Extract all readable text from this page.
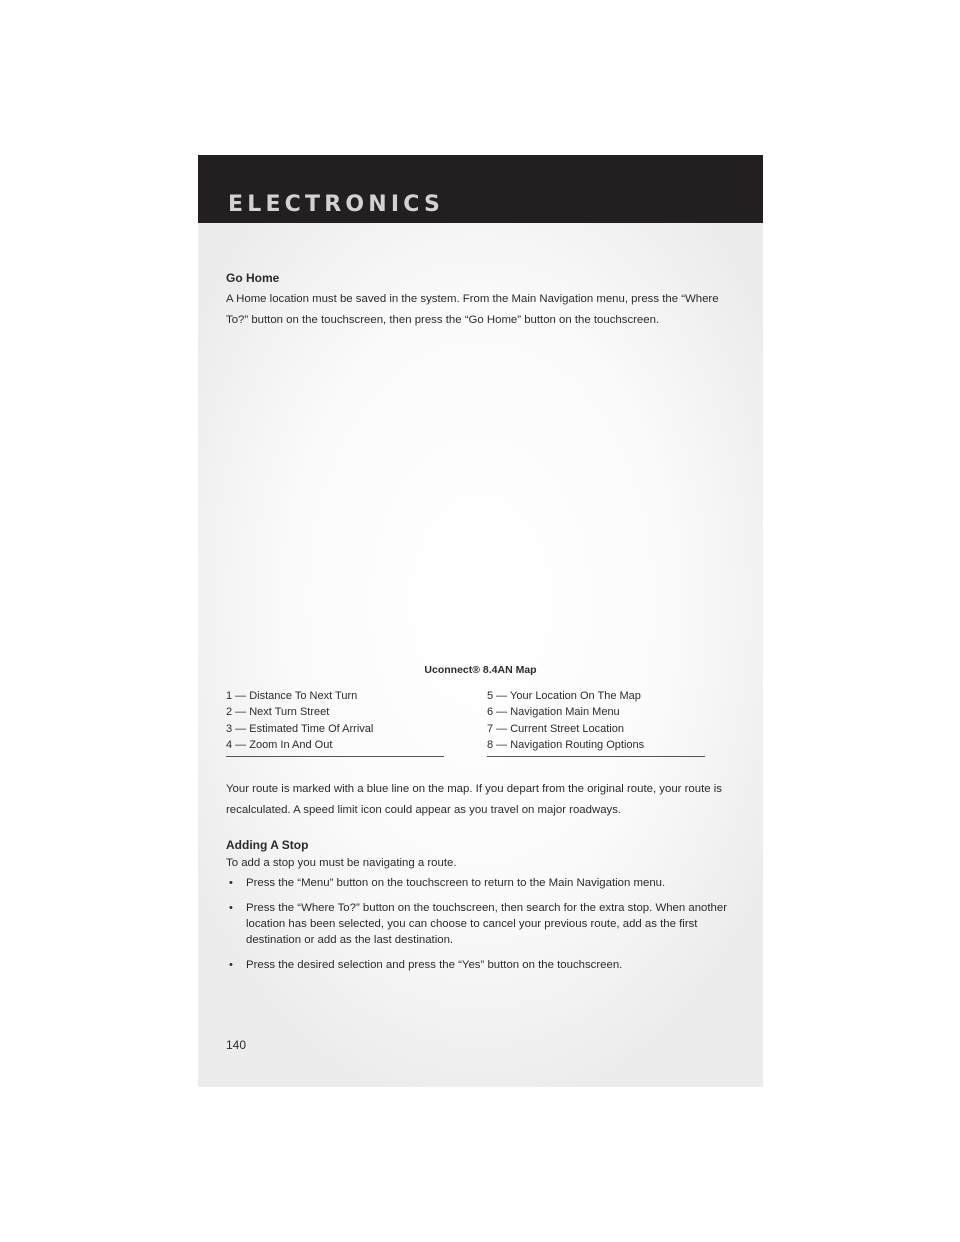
ELECTRONICS
Go Home

A Home location must be saved in the system. From the Main Navigation menu, press the “Where To?” button on the touchscreen, then press the “Go Home” button on the touchscreen.

Uconnect® 8.4AN Map
1 — Distance To Next Turn
2 — Next Turn Street
3 — Estimated Time Of Arrival
4 — Zoom In And Out
5 — Your Location On The Map
6 — Navigation Main Menu
7 — Current Street Location
8 — Navigation Routing Options

Your route is marked with a blue line on the map. If you depart from the original route, your route is recalculated. A speed limit icon could appear as you travel on major roadways.

Adding A Stop

To add a stop you must be navigating a route.

• Press the “Menu” button on the touchscreen to return to the Main Navigation menu.
• Press the “Where To?” button on the touchscreen, then search for the extra stop. When another location has been selected, you can choose to cancel your previous route, add as the first destination or add as the last destination.
• Press the desired selection and press the “Yes” button on the touchscreen.
140
